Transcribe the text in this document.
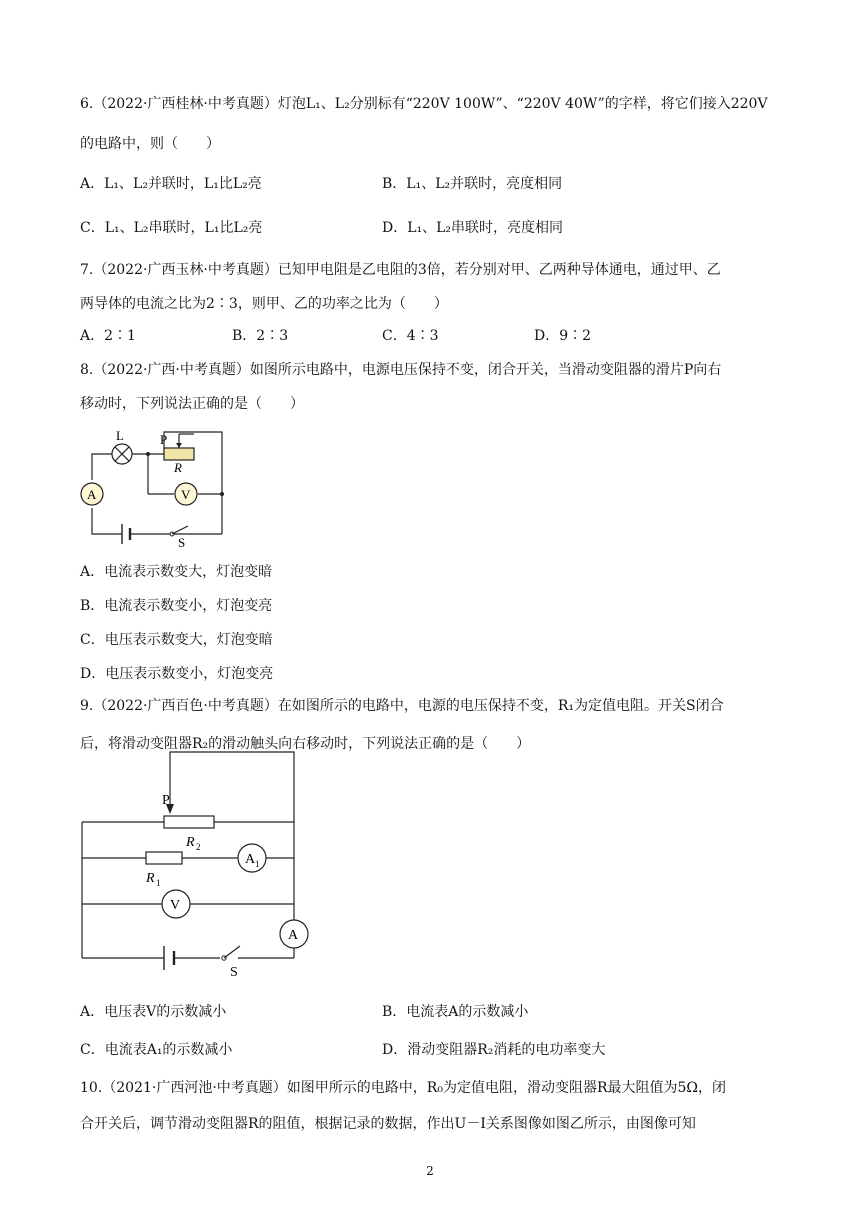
6.（2022·广西桂林·中考真题）灯泡L₁、L₂分别标有“220V 100W”、“220V 40W”的字样，将它们接入220V
的电路中，则（　　）
A．L₁、L₂并联时，L₁比L₂亮	B．L₁、L₂并联时，亮度相同
C．L₁、L₂串联时，L₁比L₂亮	D．L₁、L₂串联时，亮度相同
7.（2022·广西玉林·中考真题）已知甲电阻是乙电阻的3倍，若分别对甲、乙两种导体通电，通过甲、乙
两导体的电流之比为2∶3，则甲、乙的功率之比为（　　）
A．2∶1	B．2∶3	C．4∶3	D．9∶2
8.（2022·广西·中考真题）如图所示电路中，电源电压保持不变，闭合开关，当滑动变阻器的滑片P向右
移动时，下列说法正确的是（　　）
L	P
R
A	V
S
A．电流表示数变大，灯泡变暗
B．电流表示数变小，灯泡变亮
C．电压表示数变大，灯泡变暗
D．电压表示数变小，灯泡变亮
9.（2022·广西百色·中考真题）在如图所示的电路中，电源的电压保持不变，R₁为定值电阻。开关S闭合
后，将滑动变阻器R₂的滑动触头向右移动时，下列说法正确的是（　　）
P
R 2
R 1
A 1
V
A
S
A．电压表V的示数减小	B．电流表A的示数减小
C．电流表A₁的示数减小	D．滑动变阻器R₂消耗的电功率变大
10.（2021·广西河池·中考真题）如图甲所示的电路中，R₀为定值电阻，滑动变阻器R最大阻值为5Ω，闭
合开关后，调节滑动变阻器R的阻值，根据记录的数据，作出U－I关系图像如图乙所示，由图像可知
2
